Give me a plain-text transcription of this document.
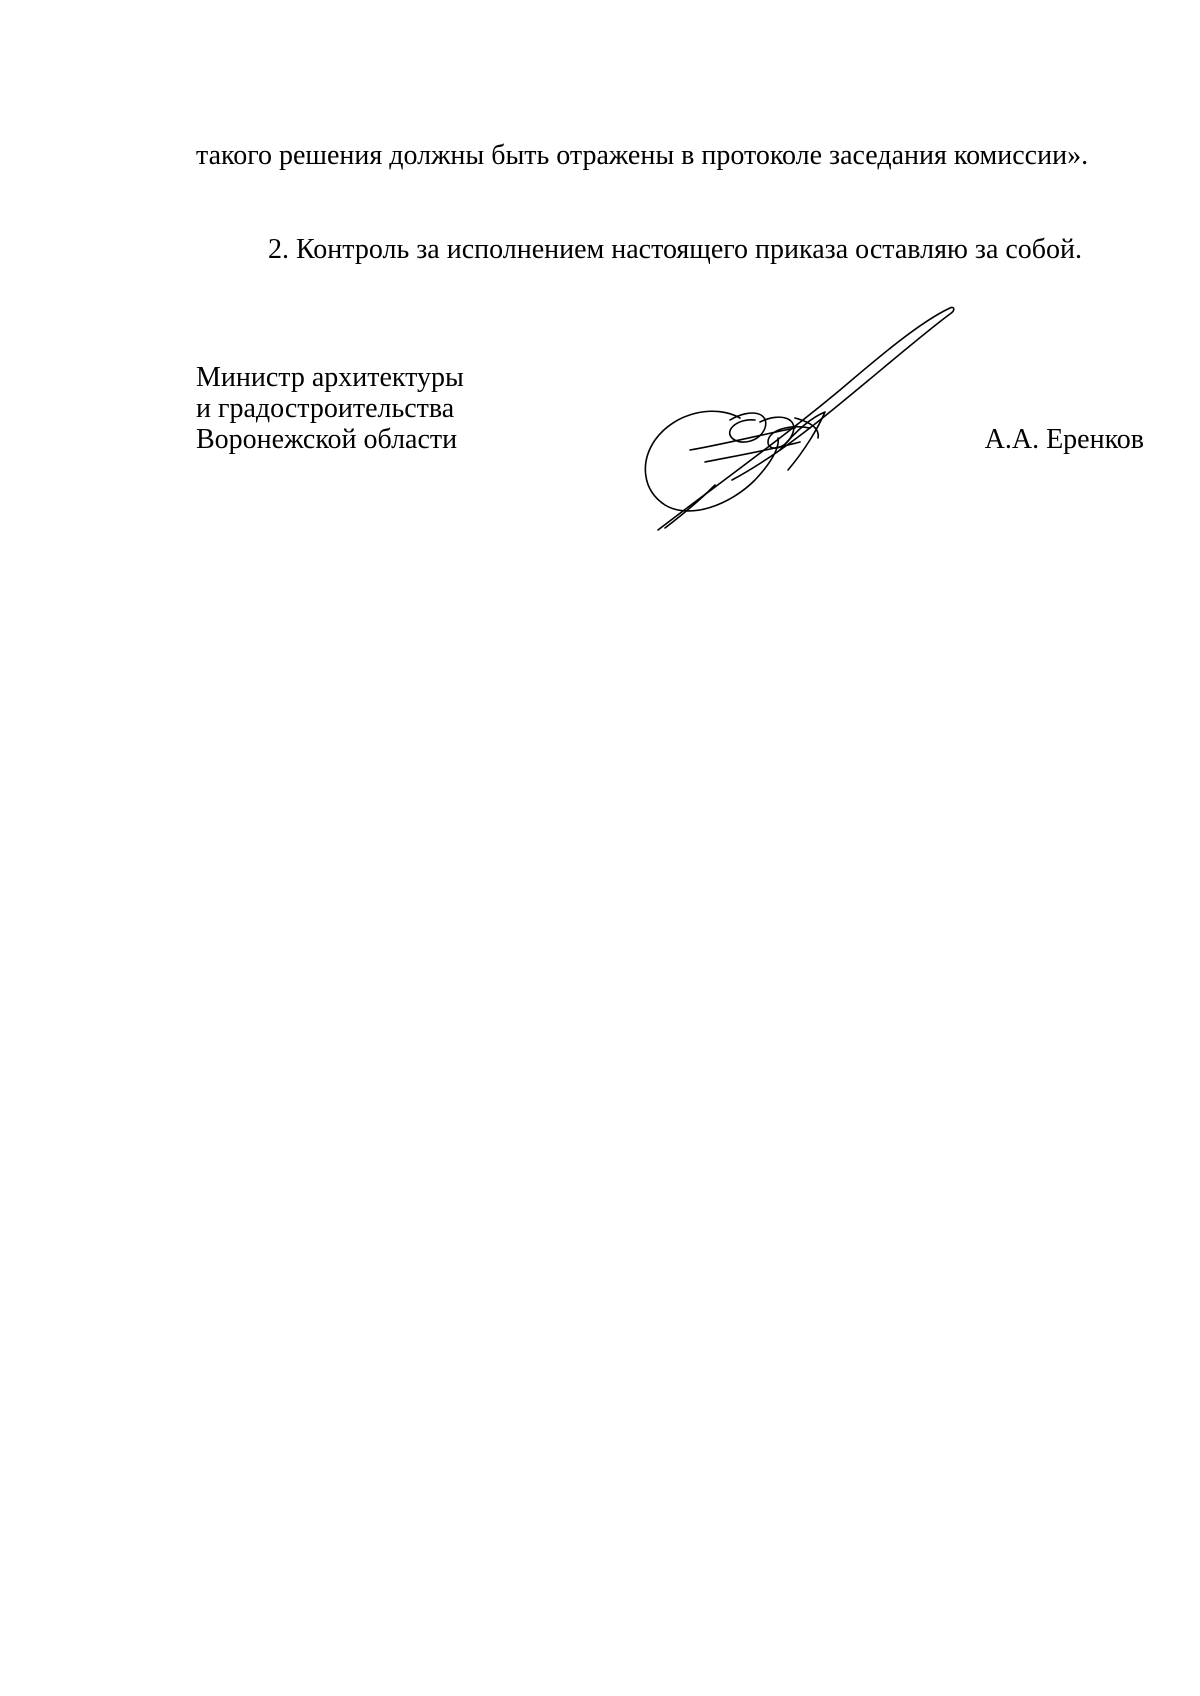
такого решения должны быть отражены в протоколе заседания комиссии».

2. Контроль за исполнением настоящего приказа оставляю за собой.

Министр архитектуры
и градостроительства
Воронежской области	А.А. Еренков
